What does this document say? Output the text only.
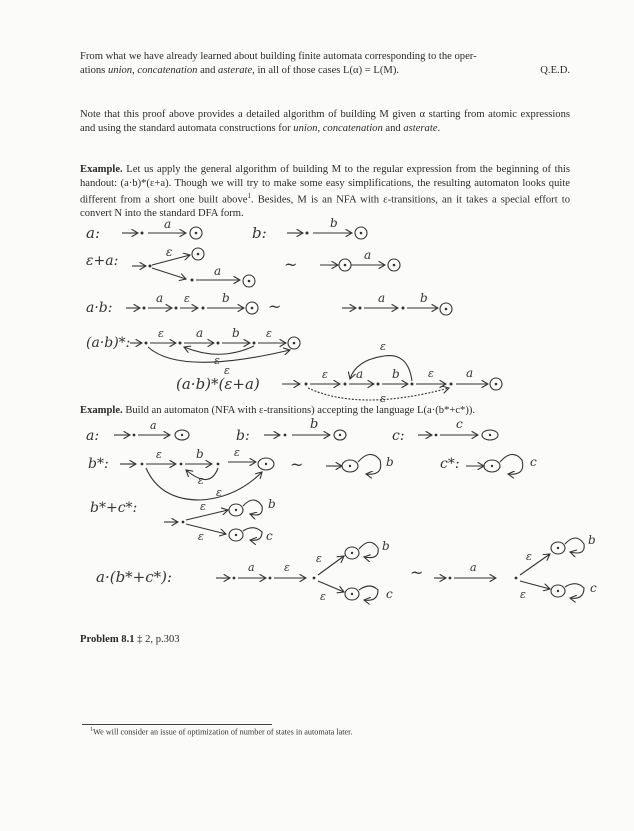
From what we have already learned about building finite automata corresponding to the oper-
ations union, concatenation and asterate, in all of those cases L(α) = L(M).	Q.E.D.
Note that this proof above provides a detailed algorithm of building M given α starting from atomic expressions and using the standard automata constructions for union, concatenation and asterate.
Example. Let us apply the general algorithm of building M to the regular expression from the beginning of this handout: (a·b)*(ε+a). Though we will try to make some easy simplifications, the resulting automaton looks quite different from a short one built above$^1$. Besides, M is an NFA with ε-transitions, an it takes a special effort to convert N into the standard DFA form.
Example. Build an automaton (NFA with ε-transitions) accepting the language L(a·(b*+c*)).
Problem 8.1 ‡ 2, p.303
$^1$We will consider an issue of optimization of number of states in automata later.
a:	a	b:
b
ε+a:
ε
a	~	a
a·b:
a ε	b ~	a	b
(a·b)*:
ε	a b ε
ε
ε
(a·b)*(ε+a)
ε a b
ε
ε	a
ε
a:
a
b:
b
c:
c
b*:
ε	b
ε
ε
ε
~	b	c*:	c
b*+c*:	ε	b
ε	c
a·(b*+c*):
a	ε
ε
b
ε	c
~	a
ε
b
ε	c
